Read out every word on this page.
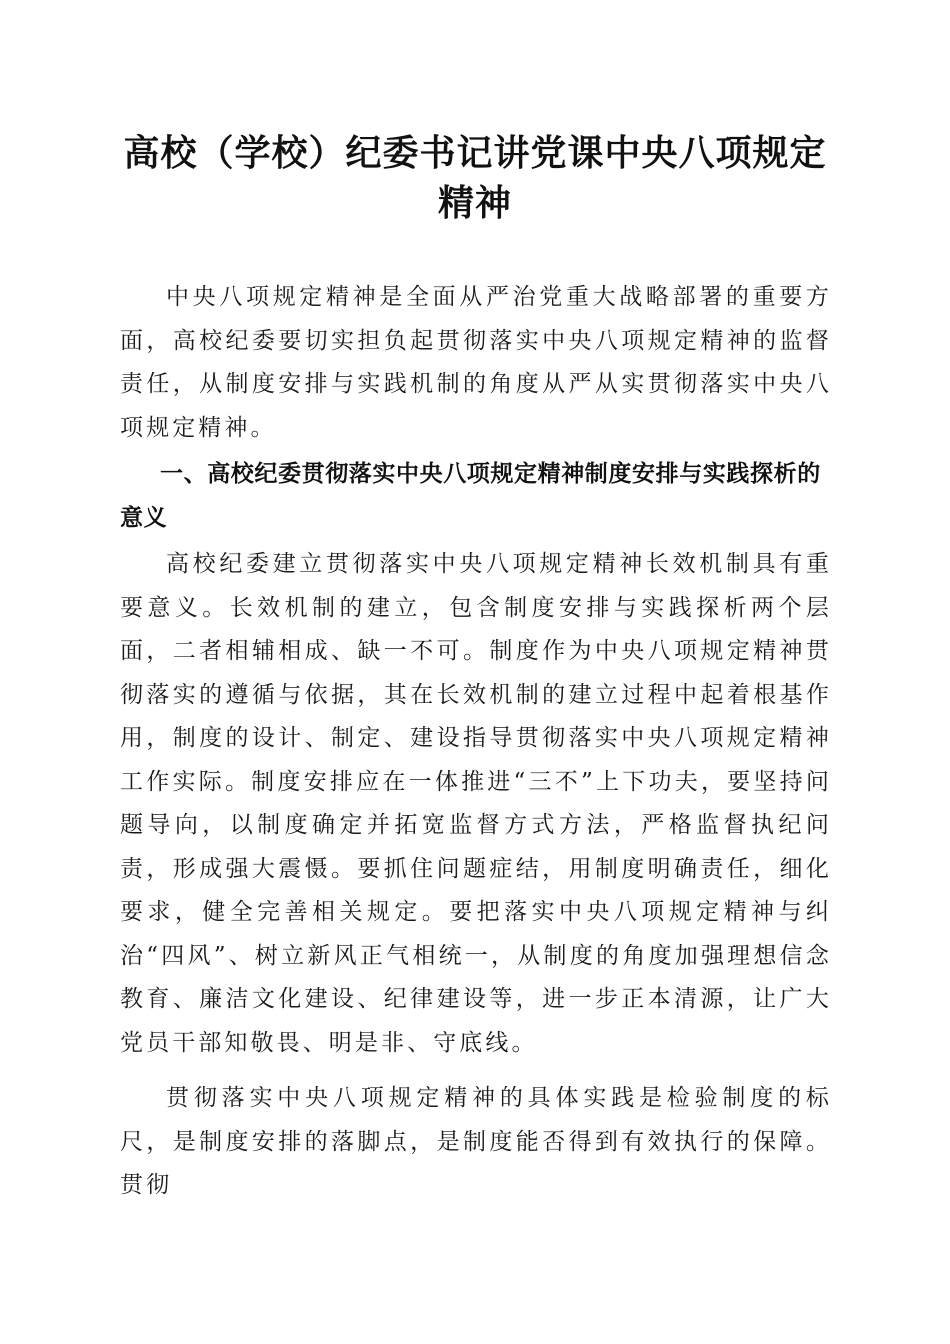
高校（学校）纪委书记讲党课中央八项规定精神

中央八项规定精神是全面从严治党重大战略部署的重要方面，高校纪委要切实担负起贯彻落实中央八项规定精神的监督责任，从制度安排与实践机制的角度从严从实贯彻落实中央八项规定精神。

一、高校纪委贯彻落实中央八项规定精神制度安排与实践探析的意义

高校纪委建立贯彻落实中央八项规定精神长效机制具有重要意义。长效机制的建立，包含制度安排与实践探析两个层面，二者相辅相成、缺一不可。制度作为中央八项规定精神贯彻落实的遵循与依据，其在长效机制的建立过程中起着根基作用，制度的设计、制定、建设指导贯彻落实中央八项规定精神工作实际。制度安排应在一体推进“三不”上下功夫，要坚持问题导向，以制度确定并拓宽监督方式方法，严格监督执纪问责，形成强大震慑。要抓住问题症结，用制度明确责任，细化要求，健全完善相关规定。要把落实中央八项规定精神与纠治“四风”、树立新风正气相统一，从制度的角度加强理想信念教育、廉洁文化建设、纪律建设等，进一步正本清源，让广大党员干部知敬畏、明是非、守底线。

贯彻落实中央八项规定精神的具体实践是检验制度的标尺，是制度安排的落脚点，是制度能否得到有效执行的保障。贯彻
